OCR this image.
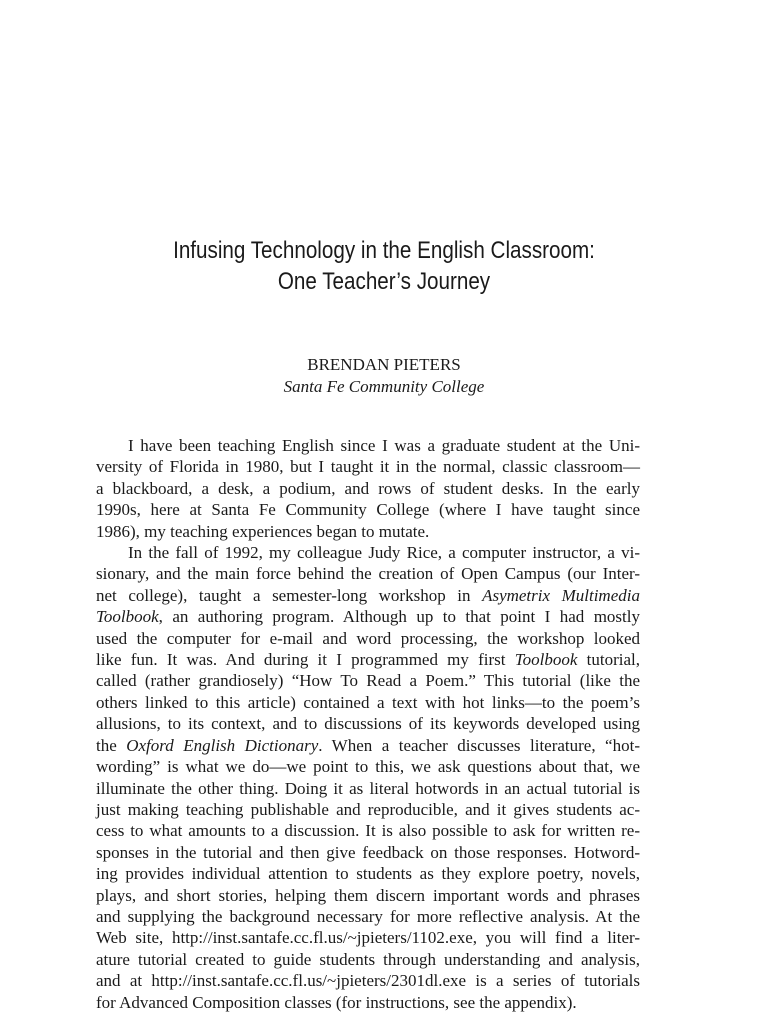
Infusing Technology in the English Classroom:
One Teacher’s Journey

BRENDAN PIETERS

Santa Fe Community College

I have been teaching English since I was a graduate student at the Uni-
versity of Florida in 1980, but I taught it in the normal, classic classroom—
a blackboard, a desk, a podium, and rows of student desks. In the early
1990s, here at Santa Fe Community College (where I have taught since
1986), my teaching experiences began to mutate.
In the fall of 1992, my colleague Judy Rice, a computer instructor, a vi-
sionary, and the main force behind the creation of Open Campus (our Inter-
net college), taught a semester-long workshop in Asymetrix Multimedia
Toolbook, an authoring program. Although up to that point I had mostly
used the computer for e-mail and word processing, the workshop looked
like fun. It was. And during it I programmed my first Toolbook tutorial,
called (rather grandiosely) “How To Read a Poem.” This tutorial (like the
others linked to this article) contained a text with hot links—to the poem’s
allusions, to its context, and to discussions of its keywords developed using
the Oxford English Dictionary. When a teacher discusses literature, “hot-
wording” is what we do—we point to this, we ask questions about that, we
illuminate the other thing. Doing it as literal hotwords in an actual tutorial is
just making teaching publishable and reproducible, and it gives students ac-
cess to what amounts to a discussion. It is also possible to ask for written re-
sponses in the tutorial and then give feedback on those responses. Hotword-
ing provides individual attention to students as they explore poetry, novels,
plays, and short stories, helping them discern important words and phrases
and supplying the background necessary for more reflective analysis. At the
Web site, http://inst.santafe.cc.fl.us/~jpieters/1102.exe, you will find a liter-
ature tutorial created to guide students through understanding and analysis,
and at http://inst.santafe.cc.fl.us/~jpieters/2301dl.exe is a series of tutorials
for Advanced Composition classes (for instructions, see the appendix).
